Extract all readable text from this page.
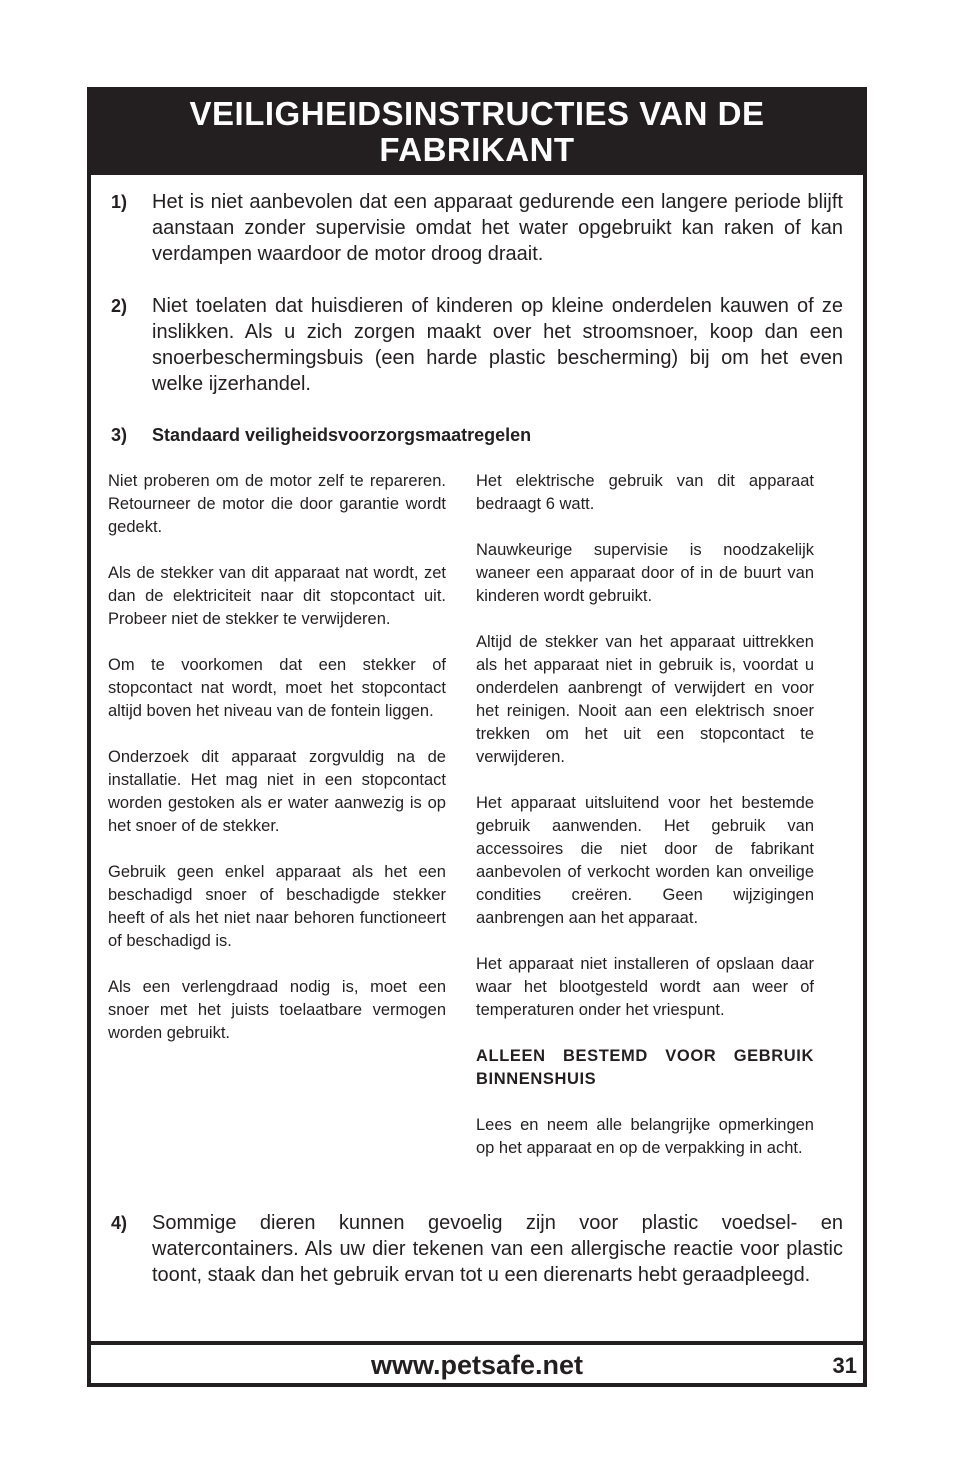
VEILIGHEIDSINSTRUCTIES VAN DE
FABRIKANT
1) Het is niet aanbevolen dat een apparaat gedurende een langere periode blijft aanstaan zonder supervisie omdat het water opgebruikt kan raken of kan verdampen waardoor de motor droog draait.
2) Niet toelaten dat huisdieren of kinderen op kleine onderdelen kauwen of ze inslikken. Als u zich zorgen maakt over het stroomsnoer, koop dan een snoerbeschermingsbuis (een harde plastic bescherming) bij om het even welke ijzerhandel.
3) Standaard veiligheidsvoorzorgsmaatregelen

Niet proberen om de motor zelf te repareren. Retourneer de motor die door garantie wordt gedekt.

Als de stekker van dit apparaat nat wordt, zet dan de elektriciteit naar dit stopcontact uit. Probeer niet de stekker te verwijderen.

Om te voorkomen dat een stekker of stopcontact nat wordt, moet het stopcontact altijd boven het niveau van de fontein liggen.

Onderzoek dit apparaat zorgvuldig na de installatie. Het mag niet in een stopcontact worden gestoken als er water aanwezig is op het snoer of de stekker.

Gebruik geen enkel apparaat als het een beschadigd snoer of beschadigde stekker heeft of als het niet naar behoren functioneert of beschadigd is.

Als een verlengdraad nodig is, moet een snoer met het juists toelaatbare vermogen worden gebruikt.

Het elektrische gebruik van dit apparaat bedraagt 6 watt.

Nauwkeurige supervisie is noodzakelijk waneer een apparaat door of in de buurt van kinderen wordt gebruikt.

Altijd de stekker van het apparaat uittrekken als het apparaat niet in gebruik is, voordat u onderdelen aanbrengt of verwijdert en voor het reinigen. Nooit aan een elektrisch snoer trekken om het uit een stopcontact te verwijderen.

Het apparaat uitsluitend voor het bestemde gebruik aanwenden. Het gebruik van accessoires die niet door de fabrikant aanbevolen of verkocht worden kan onveilige condities creëren. Geen wijzigingen aanbrengen aan het apparaat.

Het apparaat niet installeren of opslaan daar waar het blootgesteld wordt aan weer of temperaturen onder het vriespunt.

ALLEEN BESTEMD VOOR GEBRUIK BINNENSHUIS

Lees en neem alle belangrijke opmerkingen op het apparaat en op de verpakking in acht.

4) Sommige dieren kunnen gevoelig zijn voor plastic voedsel- en watercontainers. Als uw dier tekenen van een allergische reactie voor plastic toont, staak dan het gebruik ervan tot u een dierenarts hebt geraadpleegd.
www.petsafe.net	31
